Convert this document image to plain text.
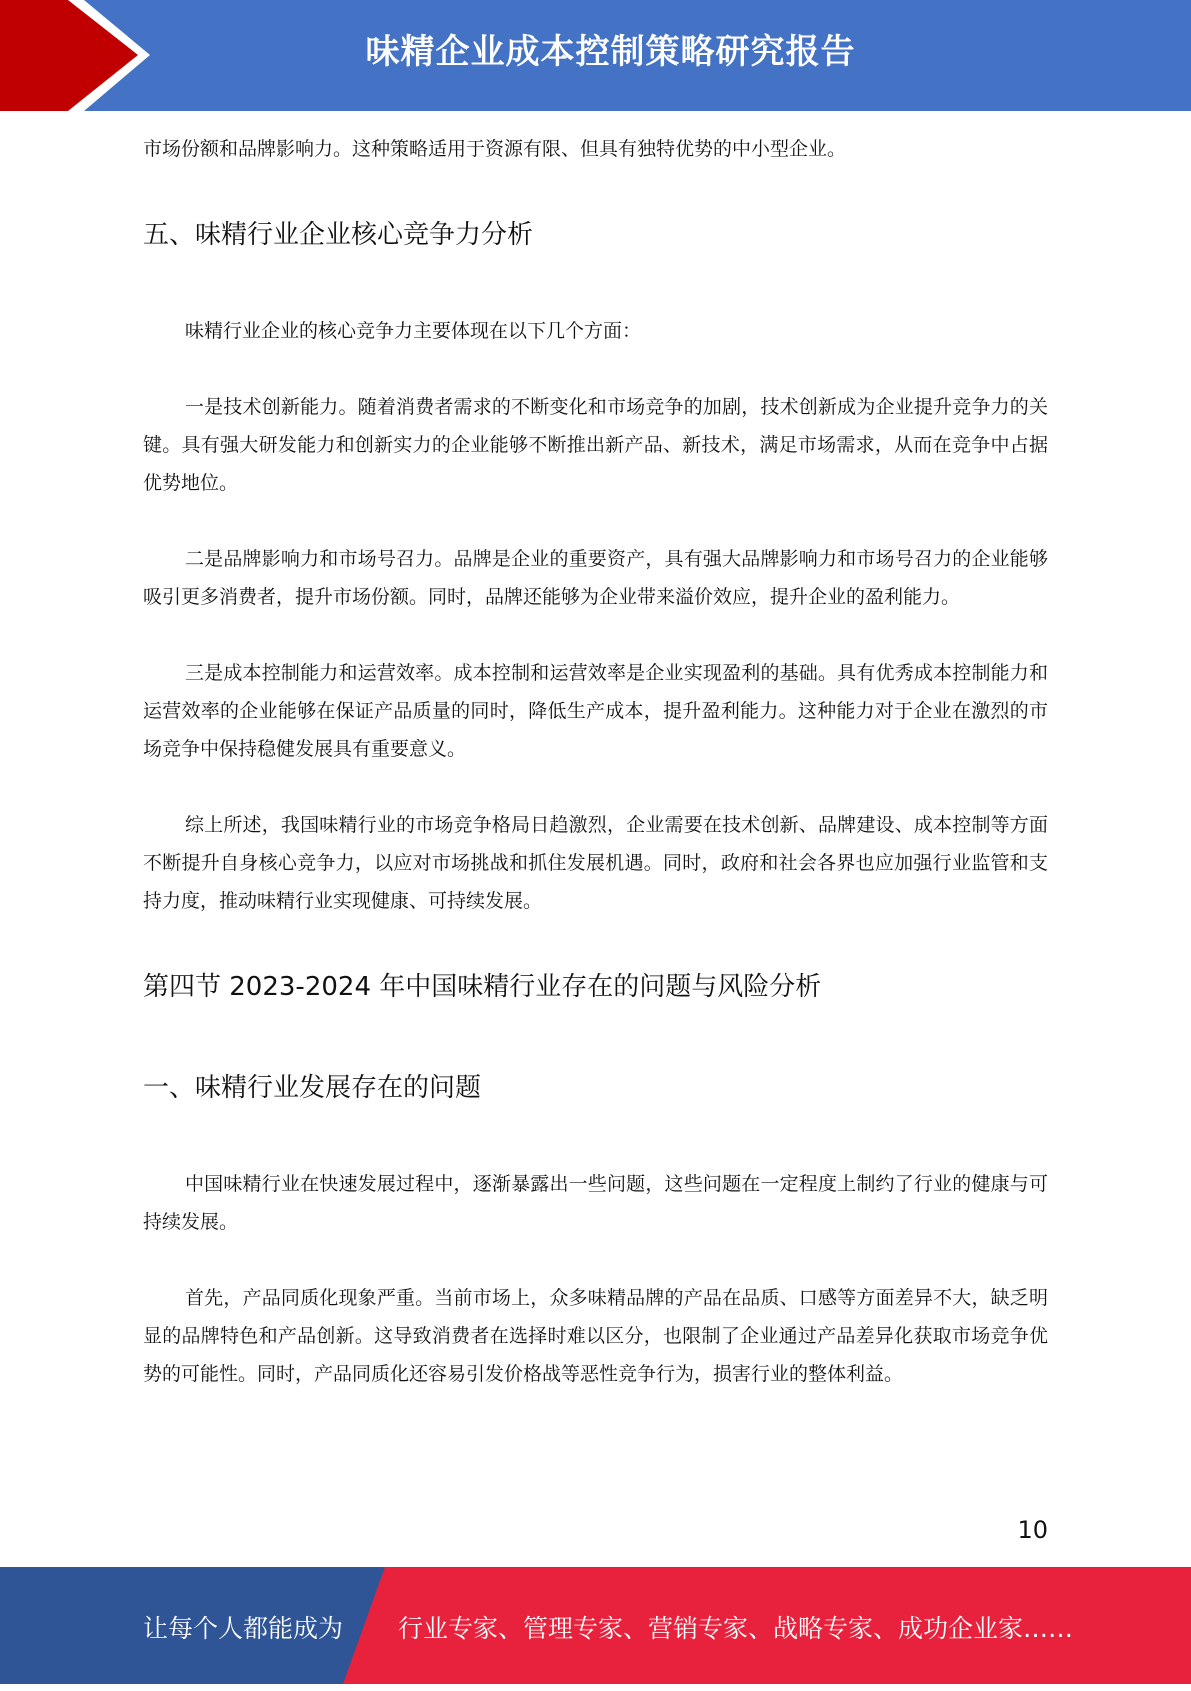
味精企业成本控制策略研究报告

市场份额和品牌影响力。这种策略适用于资源有限、但具有独特优势的中小型企业。

五、味精行业企业核心竞争力分析

味精行业企业的核心竞争力主要体现在以下几个方面：

一是技术创新能力。随着消费者需求的不断变化和市场竞争的加剧，技术创新成为企业提升竞争力的关键。具有强大研发能力和创新实力的企业能够不断推出新产品、新技术，满足市场需求，从而在竞争中占据优势地位。

二是品牌影响力和市场号召力。品牌是企业的重要资产，具有强大品牌影响力和市场号召力的企业能够吸引更多消费者，提升市场份额。同时，品牌还能够为企业带来溢价效应，提升企业的盈利能力。

三是成本控制能力和运营效率。成本控制和运营效率是企业实现盈利的基础。具有优秀成本控制能力和运营效率的企业能够在保证产品质量的同时，降低生产成本，提升盈利能力。这种能力对于企业在激烈的市场竞争中保持稳健发展具有重要意义。

综上所述，我国味精行业的市场竞争格局日趋激烈，企业需要在技术创新、品牌建设、成本控制等方面不断提升自身核心竞争力，以应对市场挑战和抓住发展机遇。同时，政府和社会各界也应加强行业监管和支持力度，推动味精行业实现健康、可持续发展。

第四节 2023-2024 年中国味精行业存在的问题与风险分析
一、味精行业发展存在的问题

中国味精行业在快速发展过程中，逐渐暴露出一些问题，这些问题在一定程度上制约了行业的健康与可持续发展。

首先，产品同质化现象严重。当前市场上，众多味精品牌的产品在品质、口感等方面差异不大，缺乏明显的品牌特色和产品创新。这导致消费者在选择时难以区分，也限制了企业通过产品差异化获取市场竞争优势的可能性。同时，产品同质化还容易引发价格战等恶性竞争行为，损害行业的整体利益。

10
让每个人都能成为 行业专家、管理专家、营销专家、战略专家、成功企业家……
